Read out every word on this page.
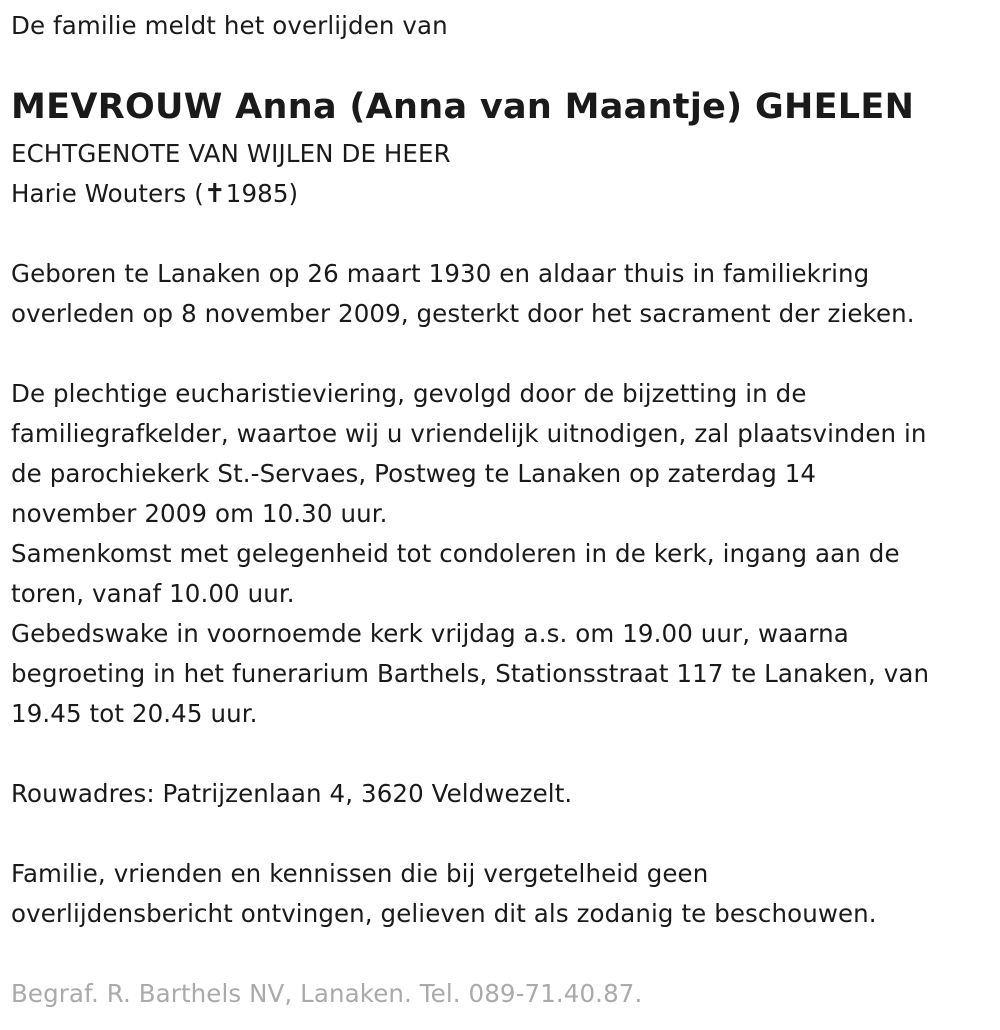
De familie meldt het overlijden van
MEVROUW Anna (Anna van Maantje) GHELEN
ECHTGENOTE VAN WIJLEN DE HEER
Harie Wouters (✝1985)
Geboren te Lanaken op 26 maart 1930 en aldaar thuis in familiekring
overleden op 8 november 2009, gesterkt door het sacrament der zieken.
De plechtige eucharistieviering, gevolgd door de bijzetting in de
familiegrafkelder, waartoe wij u vriendelijk uitnodigen, zal plaatsvinden in
de parochiekerk St.-Servaes, Postweg te Lanaken op zaterdag 14
november 2009 om 10.30 uur.
Samenkomst met gelegenheid tot condoleren in de kerk, ingang aan de
toren, vanaf 10.00 uur.
Gebedswake in voornoemde kerk vrijdag a.s. om 19.00 uur, waarna
begroeting in het funerarium Barthels, Stationsstraat 117 te Lanaken, van
19.45 tot 20.45 uur.
Rouwadres: Patrijzenlaan 4, 3620 Veldwezelt.
Familie, vrienden en kennissen die bij vergetelheid geen
overlijdensbericht ontvingen, gelieven dit als zodanig te beschouwen.
Begraf. R. Barthels NV, Lanaken. Tel. 089-71.40.87.
